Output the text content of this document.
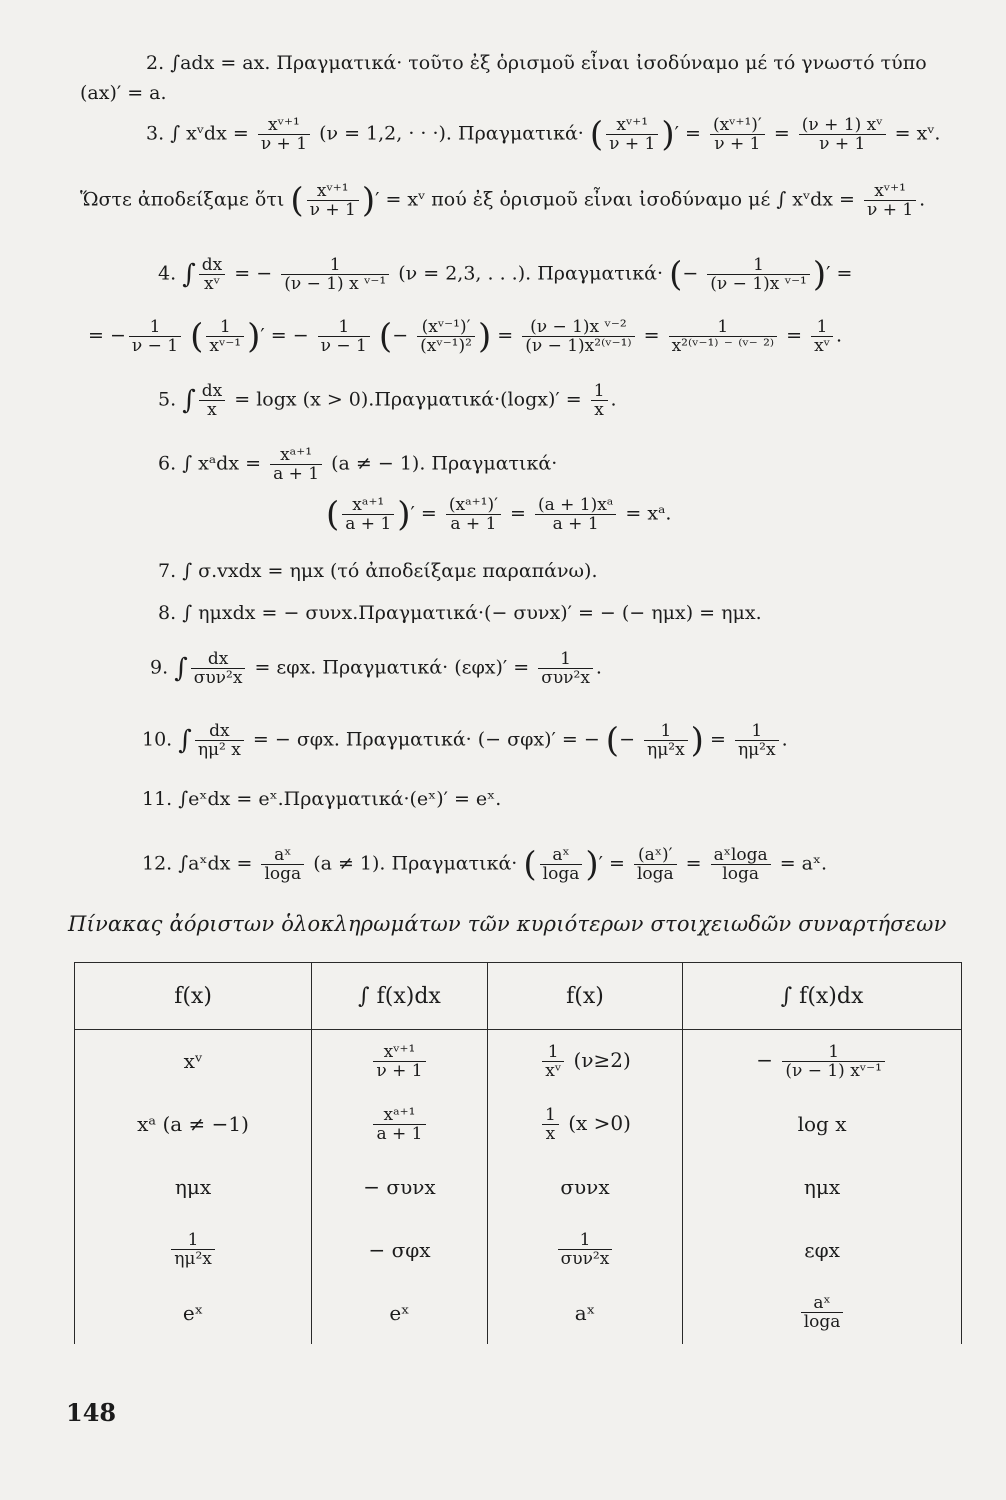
2. ∫adx = ax. Πραγματικά· τοῦτο ἐξ ὁρισμοῦ εἶναι ἰσοδύναμο μέ τό γνωστό τύπο
(ax)′ = a.
3. ∫ xᵛdx = $\frac{\text{xᵛ⁺¹}}{\nu + 1} (\nu = 1,2$, · · ·). Πραγματικά· ( $\frac{\text{xᵛ⁺¹}}{\nu + 1}$ )′ = $\frac{\text{(xᵛ⁺¹)′}}{\nu + 1} = \frac{\text{(ν + 1) xᵛ}}{\nu + 1}$ = xᵛ.
Ὥστε ἀποδείξαμε ὅτι ( $\frac{\text{xᵛ⁺¹}}{\nu + 1}$ )′ = xᵛ πού ἐξ ὁρισμοῦ εἶναι ἰσοδύναμο μέ ∫ xᵛdx = $\frac{\text{xᵛ⁺¹}}{\nu + 1}$ .
4. ∫ $\frac{dx}{\text{xᵛ}}$ = − $\frac{1}{\text{(ν − 1) x ᵛ⁻¹}} (\nu = 2,3$, . . .). Πραγματικά· (− $\frac{1}{\text{(ν − 1)x ᵛ⁻¹}}$ )′ =
= − $\frac{1}{\nu - 1}$ ( $\frac{1}{\text{xᵛ⁻¹}}$ )′ = − $\frac{1}{\nu - 1}$ (− $\frac{\text{(xᵛ⁻¹)′}}{\text{(xᵛ⁻¹)²}}$ ) = $\frac{\text{(ν − 1)x ᵛ⁻²}}{\text{(ν − 1)x²⁽ᵛ⁻¹⁾}} = \frac{1}{\text{x²⁽ᵛ⁻¹⁾ ⁻ ⁽ᵛ⁻ ²⁾}} = \frac{1}{\text{xᵛ}}$ .
5. ∫ $\frac{dx}{x} = \log x$ $(x > 0).\Pi\rho\alpha\gamma\mu\alpha\tau\iota\kappa ά\cdot(\log x)' = \frac{1}{x}$ .
6. ∫ xᵃdx = $\frac{\text{xᵃ⁺¹}}{a + 1} (a$ ≠ − 1). Πραγματικά·
( $\frac{\text{xᵃ⁺¹}}{a + 1}$ )′ = $\frac{\text{(xᵃ⁺¹)′}}{a + 1} = \frac{\text{(a + 1)xᵃ}}{a + 1}$ = xᵃ.
7. ∫ σ.vxdx = ημx (τό ἀποδείξαμε παραπάνω).
8. ∫ ημxdx = − συνx.Πραγματικά·(− συνx)′ = − (− ημx) = ημx.
9. ∫ $\frac{dx}{\text{συν²x}} = \varepsilon\varphi x$. $\Pi\rho\alpha\gamma\mu\alpha\tau\iota\kappa ά\cdot (\varepsilon\varphi x)' = \frac{1}{\text{συν²x}}$ .
10. ∫ $\frac{dx}{\text{ημ² x}}$ = − σφx. Πραγματικά· (− σφx)′ = − (− $\frac{1}{\text{ημ²x}}$ ) = $\frac{1}{\text{ημ²x}}$ .
11. ∫eˣdx = eˣ.Πραγματικά·(eˣ)′ = eˣ.
12. ∫aˣdx = $\frac{\text{aˣ}}{\log a} (a \ne 1)$. Πραγματικά· ( $\frac{\text{aˣ}}{\log a}$ )′ = $\frac{\text{(aˣ)′}}{\log a} = \frac{\text{aˣloga}}{\log a}$ = aˣ.
Πίνακας ἀόριστων ὁλοκληρωμάτων τῶν κυριότερων στοιχειωδῶν συναρτήσεων
f(x)	∫ f(x)dx	f(x)	∫ f(x)dx
xᵛ	$\frac{\text{xᵛ⁺¹}}{\nu + 1}$	$\frac{1}{\text{xᵛ}} (\nu\ge 2)$	− $\frac{1}{\text{(ν − 1) xᵛ⁻¹}}$

xᵃ (a ≠ −1)	$\frac{\text{xᵃ⁺¹}}{a + 1}$	$\frac{1}{x} (x >0)$	log x
ημx	− συνx	συνx	ημx

$\frac{1}{\text{ημ²x}}$	− σφx	$\frac{1}{\text{συν²x}}$	εφx
eˣ	eˣ	aˣ	$\frac{\text{aˣ}}{\log a}$
148
